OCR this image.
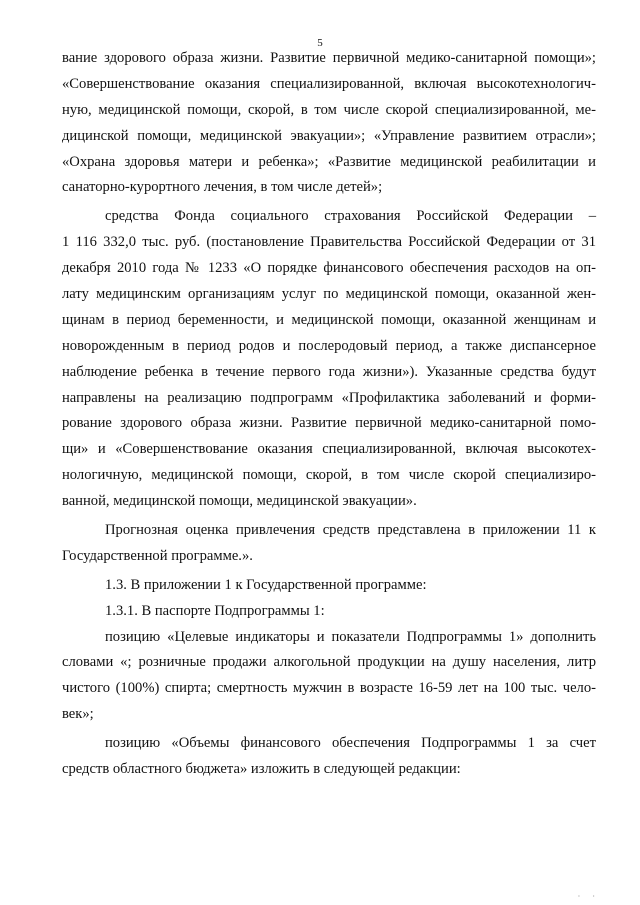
5
вание здорового образа жизни. Развитие первичной медико-санитарной помощи»;
«Совершенствование оказания специализированной, включая высокотехнологич-
ную, медицинской помощи, скорой, в том числе скорой специализированной, ме-
дицинской помощи, медицинской эвакуации»; «Управление развитием отрасли»;
«Охрана здоровья матери и ребенка»; «Развитие медицинской реабилитации и
санаторно-курортного лечения, в том числе детей»;
средства Фонда социального страхования Российской Федерации –
1 116 332,0 тыс. руб. (постановление Правительства Российской Федерации от 31
декабря 2010 года № 1233 «О порядке финансового обеспечения расходов на оп-
лату медицинским организациям услуг по медицинской помощи, оказанной жен-
щинам в период беременности, и медицинской помощи, оказанной женщинам и
новорожденным в период родов и послеродовый период, а также диспансерное
наблюдение ребенка в течение первого года жизни»). Указанные средства будут
направлены на реализацию подпрограмм «Профилактика заболеваний и форми-
рование здорового образа жизни. Развитие первичной медико-санитарной помо-
щи» и «Совершенствование оказания специализированной, включая высокотех-
нологичную, медицинской помощи, скорой, в том числе скорой специализиро-
ванной, медицинской помощи, медицинской эвакуации».
Прогнозная оценка привлечения средств представлена в приложении 11 к
Государственной программе.».
1.3. В приложении 1 к Государственной программе:
1.3.1. В паспорте Подпрограммы 1:
позицию «Целевые индикаторы и показатели Подпрограммы 1» дополнить
словами «; розничные продажи алкогольной продукции на душу населения, литр
чистого (100%) спирта; смертность мужчин в возрасте 16-59 лет на 100 тыс. чело-
век»;
позицию «Объемы финансового обеспечения Подпрограммы 1 за счет
средств областного бюджета» изложить в следующей редакции:
· ·
